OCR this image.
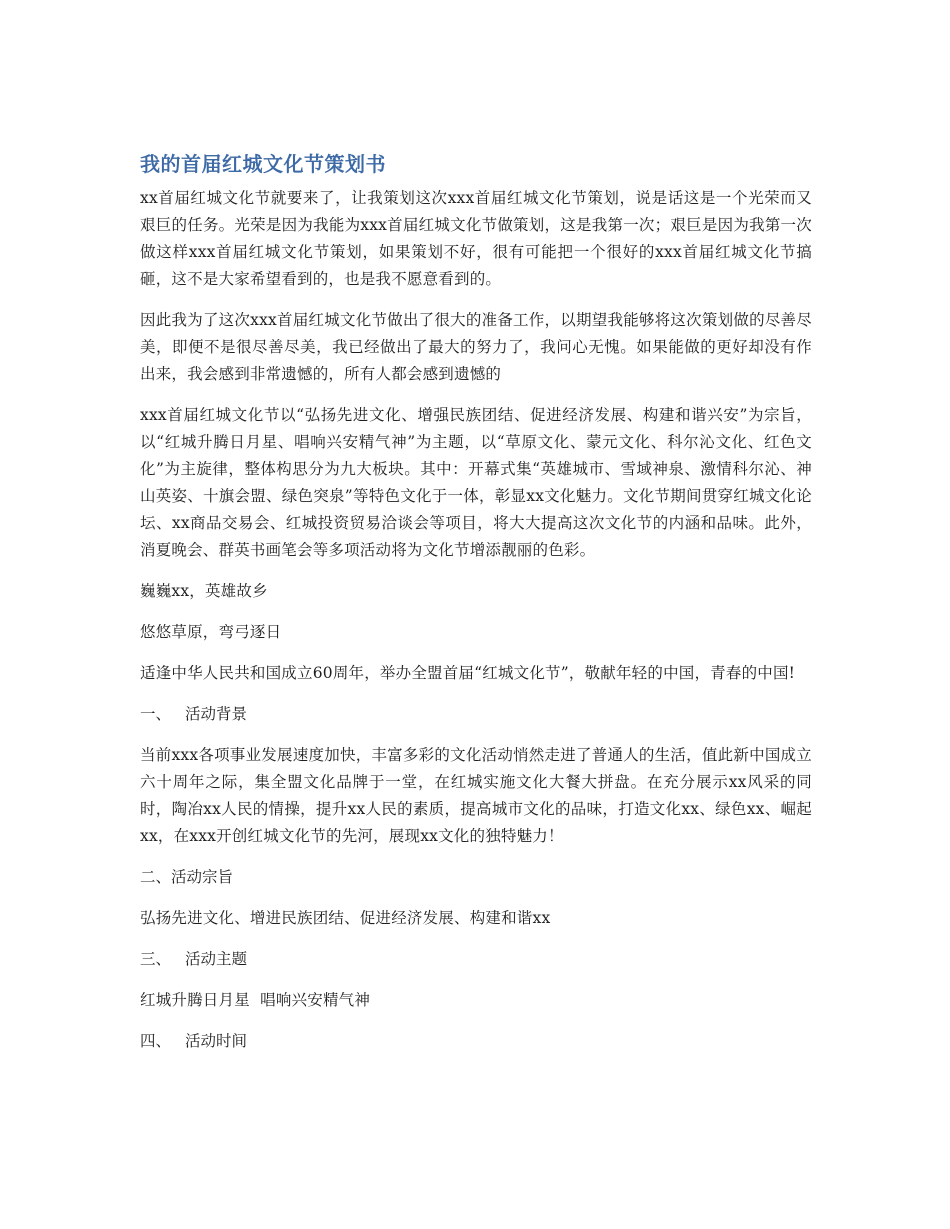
我的首届红城文化节策划书

xx首届红城文化节就要来了，让我策划这次xxx首届红城文化节策划，说是话这是一个光荣而又艰巨的任务。光荣是因为我能为xxx首届红城文化节做策划，这是我第一次；艰巨是因为我第一次做这样xxx首届红城文化节策划，如果策划不好，很有可能把一个很好的xxx首届红城文化节搞砸，这不是大家希望看到的，也是我不愿意看到的。

因此我为了这次xxx首届红城文化节做出了很大的准备工作，以期望我能够将这次策划做的尽善尽美，即便不是很尽善尽美，我已经做出了最大的努力了，我问心无愧。如果能做的更好却没有作出来，我会感到非常遗憾的，所有人都会感到遗憾的

xxx首届红城文化节以“弘扬先进文化、增强民族团结、促进经济发展、构建和谐兴安”为宗旨，以“红城升腾日月星、唱响兴安精气神”为主题，以“草原文化、蒙元文化、科尔沁文化、红色文化”为主旋律，整体构思分为九大板块。其中：开幕式集“英雄城市、雪域神泉、激情科尔沁、神山英姿、十旗会盟、绿色突泉”等特色文化于一体，彰显xx文化魅力。文化节期间贯穿红城文化论坛、xx商品交易会、红城投资贸易洽谈会等项目，将大大提高这次文化节的内涵和品味。此外，消夏晚会、群英书画笔会等多项活动将为文化节增添靓丽的色彩。

巍巍xx，英雄故乡

悠悠草原，弯弓逐日

适逢中华人民共和国成立60周年，举办全盟首届“红城文化节”，敬献年轻的中国，青春的中国!

一、 活动背景

当前xxx各项事业发展速度加快，丰富多彩的文化活动悄然走进了普通人的生活，值此新中国成立六十周年之际，集全盟文化品牌于一堂，在红城实施文化大餐大拼盘。在充分展示xx风采的同时，陶冶xx人民的情操，提升xx人民的素质，提高城市文化的品味，打造文化xx、绿色xx、崛起xx，在xxx开创红城文化节的先河，展现xx文化的独特魅力！

二、活动宗旨

弘扬先进文化、增进民族团结、促进经济发展、构建和谐xx

三、 活动主题

红城升腾日月星  唱响兴安精气神

四、 活动时间
